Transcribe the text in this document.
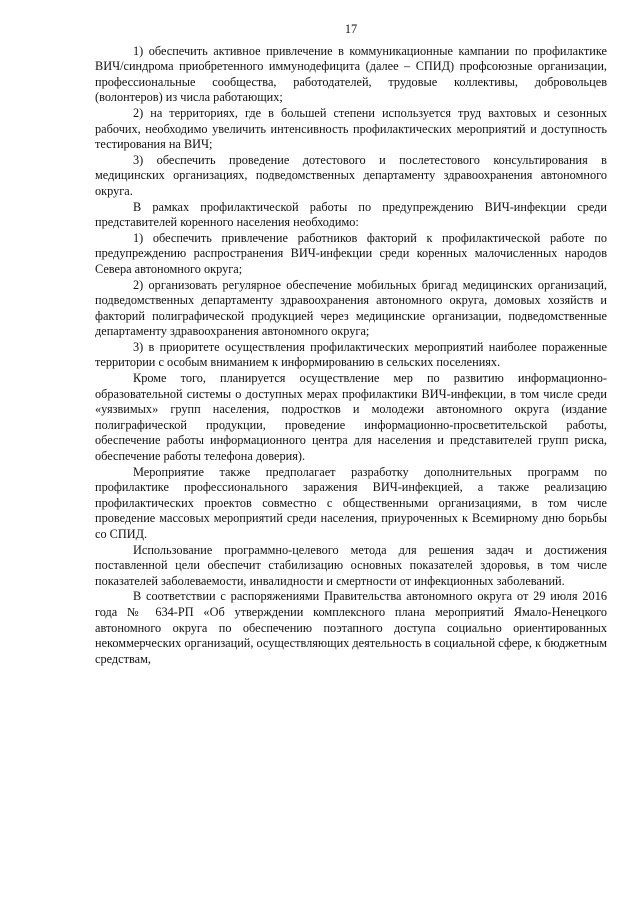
17

1) обеспечить активное привлечение в коммуникационные кампании по профилактике ВИЧ/синдрома приобретенного иммунодефицита (далее – СПИД) профсоюзные организации, профессиональные сообщества, работодателей, трудовые коллективы, добровольцев (волонтеров) из числа работающих;

2) на территориях, где в большей степени используется труд вахтовых и сезонных рабочих, необходимо увеличить интенсивность профилактических мероприятий и доступность тестирования на ВИЧ;

3) обеспечить проведение дотестового и послетестового консультирования в медицинских организациях, подведомственных департаменту здравоохранения автономного округа.

В рамках профилактической работы по предупреждению ВИЧ-инфекции среди представителей коренного населения необходимо:

1) обеспечить привлечение работников факторий к профилактической работе по предупреждению распространения ВИЧ-инфекции среди коренных малочисленных народов Севера автономного округа;

2) организовать регулярное обеспечение мобильных бригад медицинских организаций, подведомственных департаменту здравоохранения автономного округа, домовых хозяйств и факторий полиграфической продукцией через медицинские организации, подведомственные департаменту здравоохранения автономного округа;

3) в приоритете осуществления профилактических мероприятий наиболее пораженные территории с особым вниманием к информированию в сельских поселениях.

Кроме того, планируется осуществление мер по развитию информационно-образовательной системы о доступных мерах профилактики ВИЧ-инфекции, в том числе среди «уязвимых» групп населения, подростков и молодежи автономного округа (издание полиграфической продукции, проведение информационно-просветительской работы, обеспечение работы информационного центра для населения и представителей групп риска, обеспечение работы телефона доверия).

Мероприятие также предполагает разработку дополнительных программ по профилактике профессионального заражения ВИЧ-инфекцией, а также реализацию профилактических проектов совместно с общественными организациями, в том числе проведение массовых мероприятий среди населения, приуроченных к Всемирному дню борьбы со СПИД.

Использование программно-целевого метода для решения задач и достижения поставленной цели обеспечит стабилизацию основных показателей здоровья, в том числе показателей заболеваемости, инвалидности и смертности от инфекционных заболеваний.

В соответствии с распоряжениями Правительства автономного округа от 29 июля 2016 года № 634-РП «Об утверждении комплексного плана мероприятий Ямало-Ненецкого автономного округа по обеспечению поэтапного доступа социально ориентированных некоммерческих организаций, осуществляющих деятельность в социальной сфере, к бюджетным средствам,
